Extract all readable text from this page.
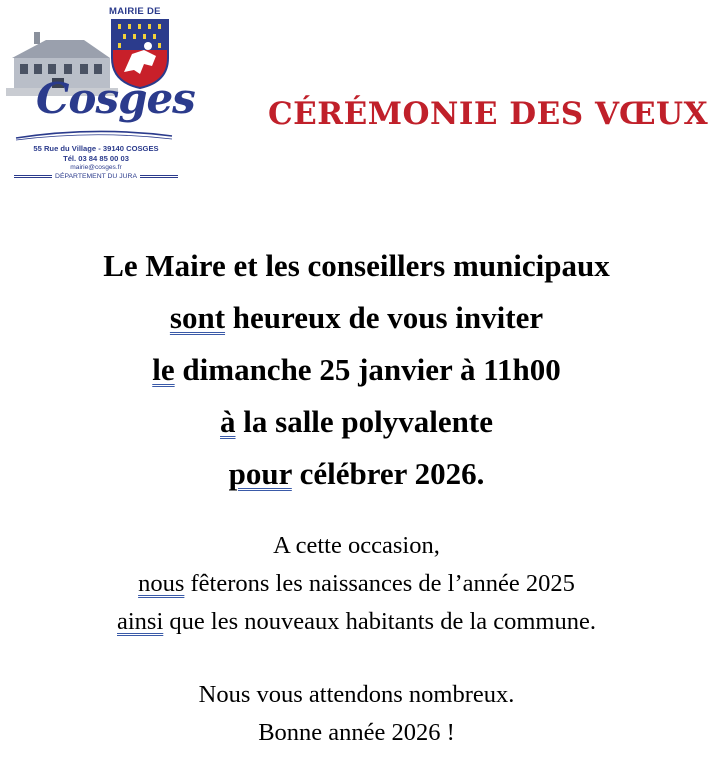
MAIRIE DE
Cosges
55 Rue du Village - 39140 COSGES
Tél. 03 84 85 00 03
mairie@cosges.fr
DÉPARTEMENT DU JURA
CÉRÉMONIE DES VŒUX
Le Maire et les conseillers municipaux
sont heureux de vous inviter
le dimanche 25 janvier à 11h00
à la salle polyvalente
pour célébrer 2026.
A cette occasion,
nous fêterons les naissances de l’année 2025
ainsi que les nouveaux habitants de la commune.
Nous vous attendons nombreux.
Bonne année 2026 !
